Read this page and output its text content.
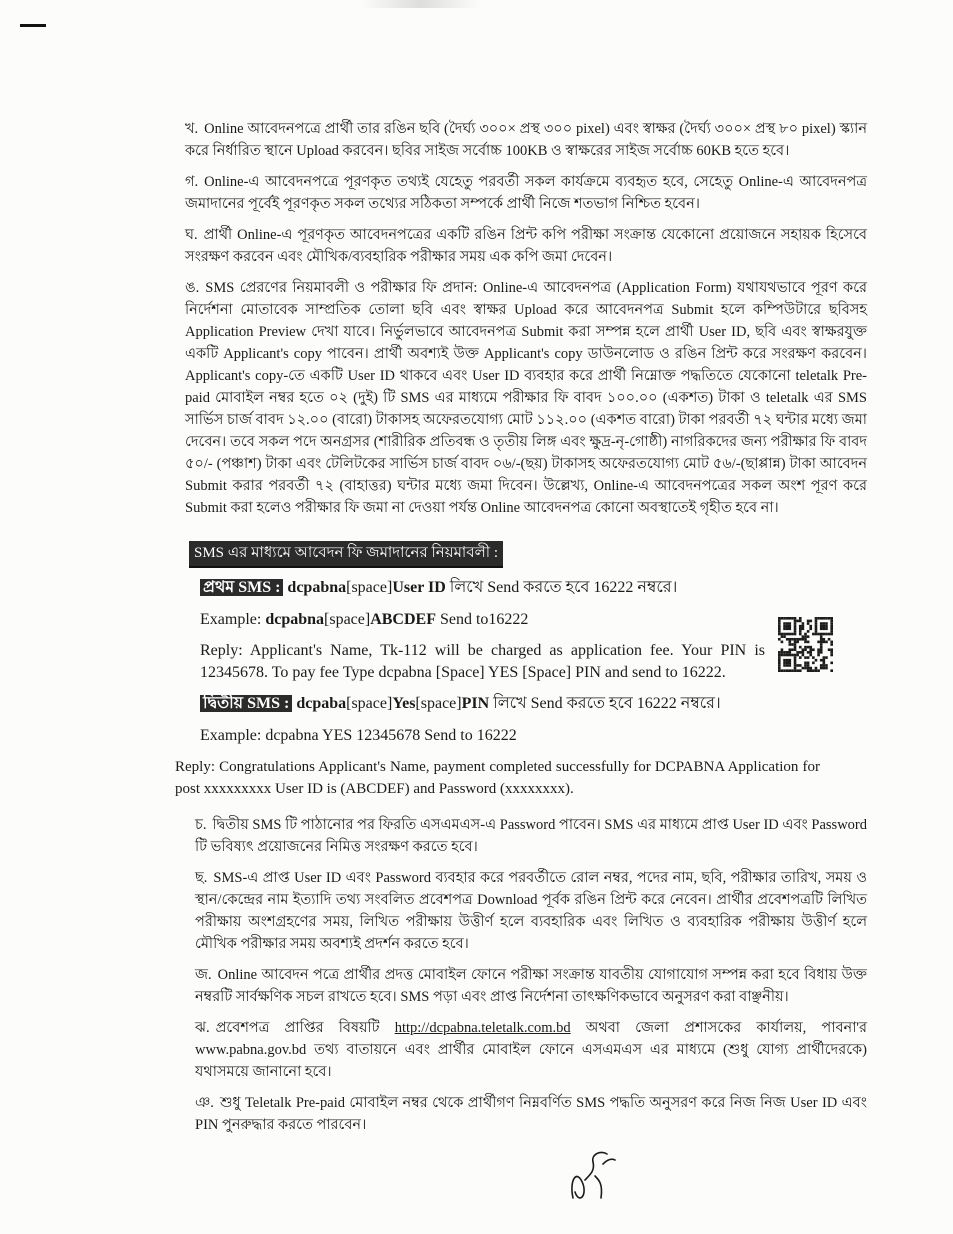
খ. Online আবেদনপত্রে প্রার্থী তার রঙিন ছবি (দৈর্ঘ্য ৩০০× প্রস্থ ৩০০ pixel) এবং স্বাক্ষর (দৈর্ঘ্য ৩০০× প্রস্থ ৮০ pixel) স্ক্যান করে নির্ধারিত স্থানে Upload করবেন। ছবির সাইজ সর্বোচ্চ 100KB ও স্বাক্ষরের সাইজ সর্বোচ্চ 60KB হতে হবে।

গ. Online-এ আবেদনপত্রে পূরণকৃত তথ্যই যেহেতু পরবর্তী সকল কার্যক্রমে ব্যবহৃত হবে, সেহেতু Online-এ আবেদনপত্র জমাদানের পূর্বেই পূরণকৃত সকল তথ্যের সঠিকতা সম্পর্কে প্রার্থী নিজে শতভাগ নিশ্চিত হবেন।

ঘ. প্রার্থী Online-এ পূরণকৃত আবেদনপত্রের একটি রঙিন প্রিন্ট কপি পরীক্ষা সংক্রান্ত যেকোনো প্রয়োজনে সহায়ক হিসেবে সংরক্ষণ করবেন এবং মৌখিক/ব্যবহারিক পরীক্ষার সময় এক কপি জমা দেবেন।

ঙ. SMS প্রেরণের নিয়মাবলী ও পরীক্ষার ফি প্রদান: Online-এ আবেদনপত্র (Application Form) যথাযথভাবে পূরণ করে নির্দেশনা মোতাবেক সাম্প্রতিক তোলা ছবি এবং স্বাক্ষর Upload করে আবেদনপত্র Submit হলে কম্পিউটারে ছবিসহ Application Preview দেখা যাবে। নির্ভুলভাবে আবেদনপত্র Submit করা সম্পন্ন হলে প্রার্থী User ID, ছবি এবং স্বাক্ষরযুক্ত একটি Applicant's copy পাবেন। প্রার্থী অবশ্যই উক্ত Applicant's copy ডাউনলোড ও রঙিন প্রিন্ট করে সংরক্ষণ করবেন। Applicant's copy-তে একটি User ID থাকবে এবং User ID ব্যবহার করে প্রার্থী নিম্নোক্ত পদ্ধতিতে যেকোনো teletalk Pre-paid মোবাইল নম্বর হতে ০২ (দুই) টি SMS এর মাধ্যমে পরীক্ষার ফি বাবদ ১০০.০০ (একশত) টাকা ও teletalk এর SMS সার্ভিস চার্জ বাবদ ১২.০০ (বারো) টাকাসহ অফেরতযোগ্য মোট ১১২.০০ (একশত বারো) টাকা পরবর্তী ৭২ ঘন্টার মধ্যে জমা দেবেন। তবে সকল পদে অনগ্রসর (শারীরিক প্রতিবন্ধ ও তৃতীয় লিঙ্গ এবং ক্ষুদ্র-নৃ-গোষ্ঠী) নাগরিকদের জন্য পরীক্ষার ফি বাবদ ৫০/- (পঞ্চাশ) টাকা এবং টেলিটকের সার্ভিস চার্জ বাবদ ০৬/-(ছয়) টাকাসহ অফেরতযোগ্য মোট ৫৬/-(ছাপ্পান্ন) টাকা আবেদন Submit করার পরবর্তী ৭২ (বাহাত্তর) ঘন্টার মধ্যে জমা দিবেন। উল্লেখ্য, Online-এ আবেদনপত্রের সকল অংশ পূরণ করে Submit করা হলেও পরীক্ষার ফি জমা না দেওয়া পর্যন্ত Online আবেদনপত্র কোনো অবস্থাতেই গৃহীত হবে না।

SMS এর মাধ্যমে আবেদন ফি জমাদানের নিয়মাবলী :
প্রথম SMS : dcpabna[space]User ID লিখে Send করতে হবে 16222 নম্বরে।
Example: dcpabna[space]ABCDEF Send to16222
Reply: Applicant's Name, Tk-112 will be charged as application fee. Your PIN is 12345678. To pay fee Type dcpabna [Space] YES [Space] PIN and send to 16222.
দ্বিতীয় SMS : dcpaba[space]Yes[space]PIN লিখে Send করতে হবে 16222 নম্বরে।
Example: dcpabna YES 12345678 Send to 16222
Reply: Congratulations Applicant's Name, payment completed successfully for DCPABNA Application for post xxxxxxxxx User ID is (ABCDEF) and Password (xxxxxxxx).

চ. দ্বিতীয় SMS টি পাঠানোর পর ফিরতি এসএমএস-এ Password পাবেন। SMS এর মাধ্যমে প্রাপ্ত User ID এবং Password টি ভবিষ্যৎ প্রয়োজনের নিমিত্ত সংরক্ষণ করতে হবে।

ছ. SMS-এ প্রাপ্ত User ID এবং Password ব্যবহার করে পরবর্তীতে রোল নম্বর, পদের নাম, ছবি, পরীক্ষার তারিখ, সময় ও স্থান/কেন্দ্রের নাম ইত্যাদি তথ্য সংবলিত প্রবেশপত্র Download পূর্বক রঙিন প্রিন্ট করে নেবেন। প্রার্থীর প্রবেশপত্রটি লিখিত পরীক্ষায় অংশগ্রহণের সময়, লিখিত পরীক্ষায় উত্তীর্ণ হলে ব্যবহারিক এবং লিখিত ও ব্যবহারিক পরীক্ষায় উত্তীর্ণ হলে মৌখিক পরীক্ষার সময় অবশ্যই প্রদর্শন করতে হবে।

জ. Online আবেদন পত্রে প্রার্থীর প্রদত্ত মোবাইল ফোনে পরীক্ষা সংক্রান্ত যাবতীয় যোগাযোগ সম্পন্ন করা হবে বিধায় উক্ত নম্বরটি সার্বক্ষণিক সচল রাখতে হবে। SMS পড়া এবং প্রাপ্ত নির্দেশনা তাৎক্ষণিকভাবে অনুসরণ করা বাঞ্ছনীয়।

ঝ. প্রবেশপত্র প্রাপ্তির বিষয়টি http://dcpabna.teletalk.com.bd অথবা জেলা প্রশাসকের কার্যালয়, পাবনা'র www.pabna.gov.bd তথ্য বাতায়নে এবং প্রার্থীর মোবাইল ফোনে এসএমএস এর মাধ্যমে (শুধু যোগ্য প্রার্থীদেরকে) যথাসময়ে জানানো হবে।

ঞ. শুধু Teletalk Pre-paid মোবাইল নম্বর থেকে প্রার্থীগণ নিম্নবর্ণিত SMS পদ্ধতি অনুসরণ করে নিজ নিজ User ID এবং PIN পুনরুদ্ধার করতে পারবেন।
